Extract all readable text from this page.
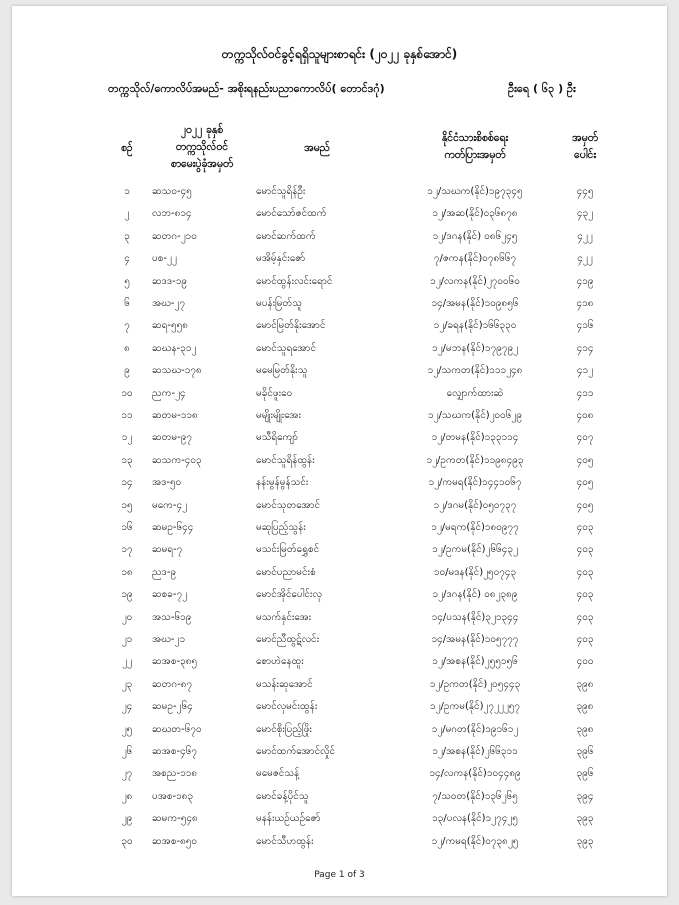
တက္ကသိုလ်ဝင်ခွင့်ရရှိသူများစာရင်း (၂၀၂၂ ခုနှစ်အောင်)
တက္ကသိုလ်/ကောလိပ်အမည်- အစိုးရနည်းပညာကောလိပ်( တောင်ဒဂုံ)	ဦးရေ ( ၆၃ ) ဦး
စဉ်
၂၀၂၂ ခုနှစ်
တက္ကသိုလ်ဝင်
စာမေးပွဲခုံအမှတ်
အမည်
နိုင်ငံသားစိစစ်ရေး
ကတ်ပြားအမှတ်
အမှတ်
ပေါင်း
၁	ဆသဝ-၄၅	မောင်သူရိန်ဦး	၁၂/သဃက(နိုင်)၁၉၇၃၄၅	၄၄၅
၂	လဘ-၈၁၄	မောင်သော်ဇင်ထက်	၁၂/အဆ(နိုင်)၀၃၆၈၇၈	၄၃၂
၃	ဆတဂ-၂၁၀	မောင်ဆက်ထက်	၁၂/ဒဂန(နိုင်) ၀၈၆၂၄၅	၄၂၂
၄	ပစ-၂၂	မအိမ့်နှင်းဇော်	၇/ဇကန(နိုင်)၀၇၈၆၆၇	၄၂၂
၅	ဆဒဒ-၁၉	မောင်ထွန်းလင်းရောင်	၁၂/လကန(နိုင်)၂၇၀၀၆၀	၄၁၉
၆	အဃ-၂၇	မပန်းမြတ်သူ	၁၄/အမန(နိုင်)၁၀၉၈၅၆	၄၁၈
၇	ဆရ-၅၅၈	မောင်မြတ်နိုးအောင်	၁၂/ခရန(နိုင်)၁၆၆၃၃၀	၄၁၆
၈	ဆဃန-၃၁၂	မောင်သူရအောင်	၁၂/မဘန(နိုင်)၁၇၉၇၉၂	၄၁၄
၉	ဆသဃ-၁၇၈	မမေမြတ်နိုးသူ	၁၂/သကတ(နိုင်)၁၁၁၂၄၈	၄၁၂
၁၀	ညက-၂၄	မခိုင်ဖူးဝေ	လျှောက်ထားဆဲ	၄၁၁
၁၁	ဆတမ-၁၁၈	မမျိုးမျိုးအေး	၁၂/သဃက(နိုင်)၂၀၀၆၂၉	၄၀၈
၁၂	ဆတမ-၉၇	မသီရိကျော်	၁၂/တမန(နိုင်)၁၃၃၁၁၄	၄၀၇
၁၃	ဆသက-၄၀၃	မောင်သူရိန်ထွန်း	၁၂/ဥကတ(နိုင်)၁၁၉၈၄၉၃	၄၀၅
၁၄	အဒ-၅၀	နန်းမွန်မွန်သင်း	၁၂/ကမရ(နိုင်)၁၄၄၁၀၆၇	၄၀၅
၁၅	မကေ-၄၂	မောင်သုတအောင်	၁၂/ဒဂမ(နိုင်)၀၅၀၇၃၇	၄၀၅
၁၆	ဆမဥ-၆၄၄	မဆုပြည့်သွန်း	၁၂/မရက(နိုင်)၁၈၀၉၇၇	၄၀၃
၁၇	ဆမရ-၇	မသင်းမြတ်ရွှေစင်	၁၂/ဥကမ(နိုင်)၂၆၆၄၃၂	၄၀၃
၁၈	ညဒ-၉	မောင်ပညာမင်းစံ	၁၀/မဒန(နိုင်)၂၅၀၇၄၃	၄၀၃
၁၉	ဆစခ-၇၂	မောင်အိုင်ပေါင်းလု	၁၂/ဒဂန(နိုင်) ၀၈၂၃၈၉	၄၀၃
၂၀	အသ-၆၁၉	မသက်နှင်းအေး	၁၄/ပသန(နိုင်)၃၂၁၃၄၄	၄၀၃
၂၁	အဃ-၂၁	မောင်ညီထွဋ်လင်း	၁၄/အမန(နိုင်)၁၀၅၇၇၇	၄၀၃
၂၂	ဆအစ-၃၈၅	စောဟဲနေထူး	၁၂/အစန(နိုင်)၂၅၅၁၅၆	၄၀၀
၂၃	ဆတဂ-၈၇	မသန်းဆုအောင်	၁၂/ဥကတ(နိုင်)၂၀၅၄၄၃	၃၉၈
၂၄	ဆမဥ-၂၆၄	မောင်လှမင်းထွန်း	၁၂/ဥကမ(နိုင်)၂၇၂၂၂၅၇	၃၉၈
၂၅	ဆဃတ-၆၇၀	မောင်စိုးပြည့်ဖြိုး	၁၂/မဂတ(နိုင်)၁၉၁၆၁၂	၃၉၈
၂၆	ဆအစ-၄၆၇	မောင်ထက်အောင်လှိုင်	၁၂/အစန(နိုင်)၂၆၆၃၁၁	၃၉၆
၂၇	အစည-၁၁၈	မမေဇင်သန့်	၁၄/လကန(နိုင်)၁၀၄၄၈၉	၃၉၆
၂၈	ပအစ-၁၈၃	မောင်ခန့်ပိုင်သူ	၇/သဝတ(နိုင်)၁၃၆၂၆၅	၃၉၄
၂၉	ဆမက-၅၄၈	မနန်းယဉ်ယဉ်ဇော်	၁၃/ပလန(နိုင်)၁၂၇၄၂၅	၃၉၃
၃၀	ဆအစ-၈၅၀	မောင်သီဟထွန်း	၁၂/ကမရ(နိုင်)၀၇၃၈၂၅	၃၉၃
Page 1 of 3
